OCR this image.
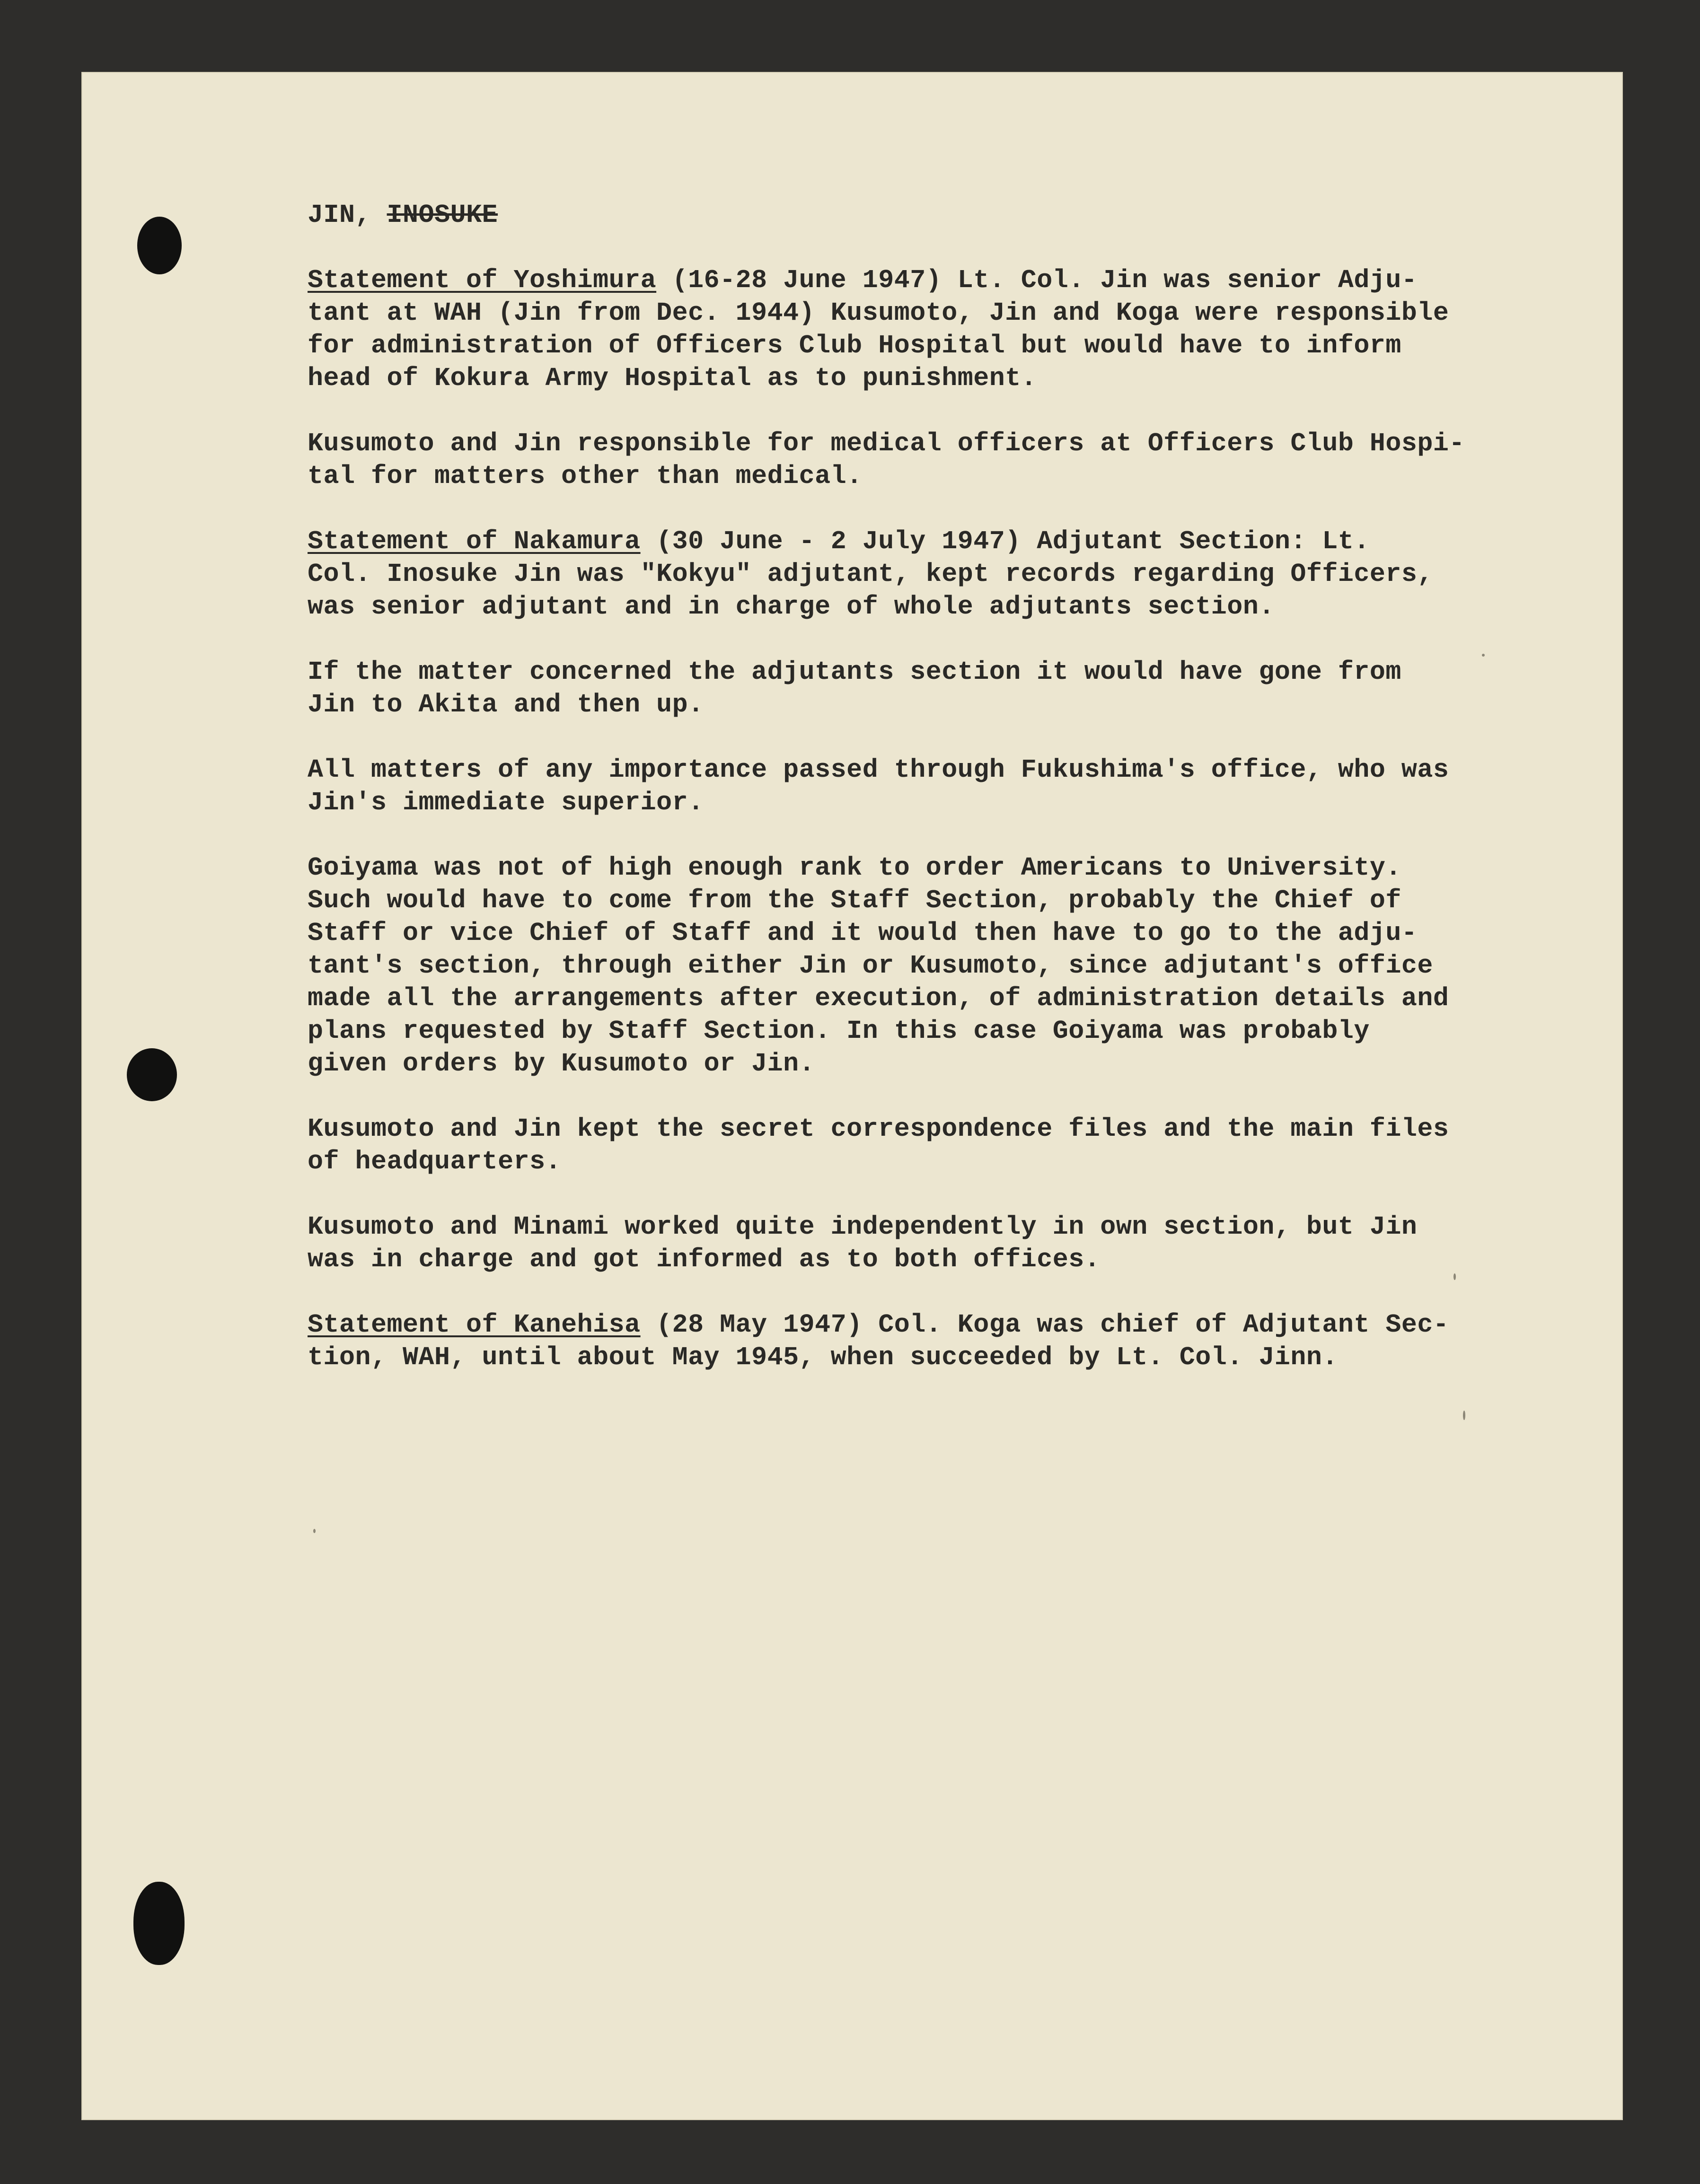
JIN, INOSUKE

Statement of Yoshimura (16-28 June 1947) Lt. Col. Jin was senior Adju-
tant at WAH (Jin from Dec. 1944) Kusumoto, Jin and Koga were responsible
for administration of Officers Club Hospital but would have to inform
head of Kokura Army Hospital as to punishment.

Kusumoto and Jin responsible for medical officers at Officers Club Hospi-
tal for matters other than medical.

Statement of Nakamura (30 June - 2 July 1947) Adjutant Section: Lt.
Col. Inosuke Jin was "Kokyu" adjutant, kept records regarding Officers,
was senior adjutant and in charge of whole adjutants section.

If the matter concerned the adjutants section it would have gone from
Jin to Akita and then up.

All matters of any importance passed through Fukushima's office, who was
Jin's immediate superior.

Goiyama was not of high enough rank to order Americans to University.
Such would have to come from the Staff Section, probably the Chief of
Staff or vice Chief of Staff and it would then have to go to the adju-
tant's section, through either Jin or Kusumoto, since adjutant's office
made all the arrangements after execution, of administration details and
plans requested by Staff Section. In this case Goiyama was probably
given orders by Kusumoto or Jin.

Kusumoto and Jin kept the secret correspondence files and the main files
of headquarters.

Kusumoto and Minami worked quite independently in own section, but Jin
was in charge and got informed as to both offices.

Statement of Kanehisa (28 May 1947) Col. Koga was chief of Adjutant Sec-
tion, WAH, until about May 1945, when succeeded by Lt. Col. Jinn.
